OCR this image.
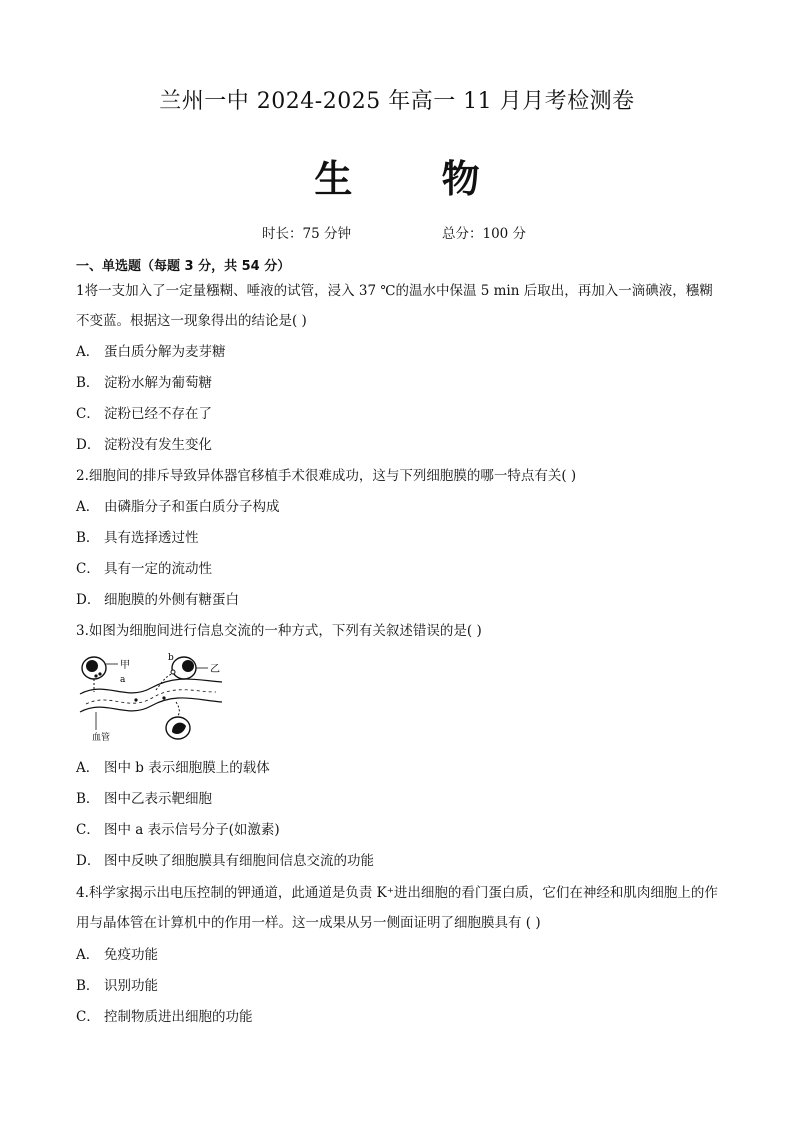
兰州一中 2024-2025 年高一 11 月月考检测卷
生 物
时长：75 分钟	总分：100 分
一、单选题（每题 3 分，共 54 分）
1将一支加入了一定量糨糊、唾液的试管，浸入 37 ℃的温水中保温 5 min 后取出，再加入一滴碘液，糨糊不变蓝。根据这一现象得出的结论是( )
A． 蛋白质分解为麦芽糖
B． 淀粉水解为葡萄糖
C． 淀粉已经不存在了
D． 淀粉没有发生变化
2.细胞间的排斥导致异体器官移植手术很难成功，这与下列细胞膜的哪一特点有关( )
A． 由磷脂分子和蛋白质分子构成
B． 具有选择透过性
C． 具有一定的流动性
D． 细胞膜的外侧有糖蛋白
3.如图为细胞间进行信息交流的一种方式，下列有关叙述错误的是( )
甲
a
b
乙
血管
A． 图中 b 表示细胞膜上的载体
B． 图中乙表示靶细胞
C． 图中 a 表示信号分子(如激素)
D． 图中反映了细胞膜具有细胞间信息交流的功能
4.科学家揭示出电压控制的钾通道，此通道是负责 K⁺进出细胞的看门蛋白质，它们在神经和肌肉细胞上的作用与晶体管在计算机中的作用一样。这一成果从另一侧面证明了细胞膜具有 ( )
A． 免疫功能
B． 识别功能
C． 控制物质进出细胞的功能
